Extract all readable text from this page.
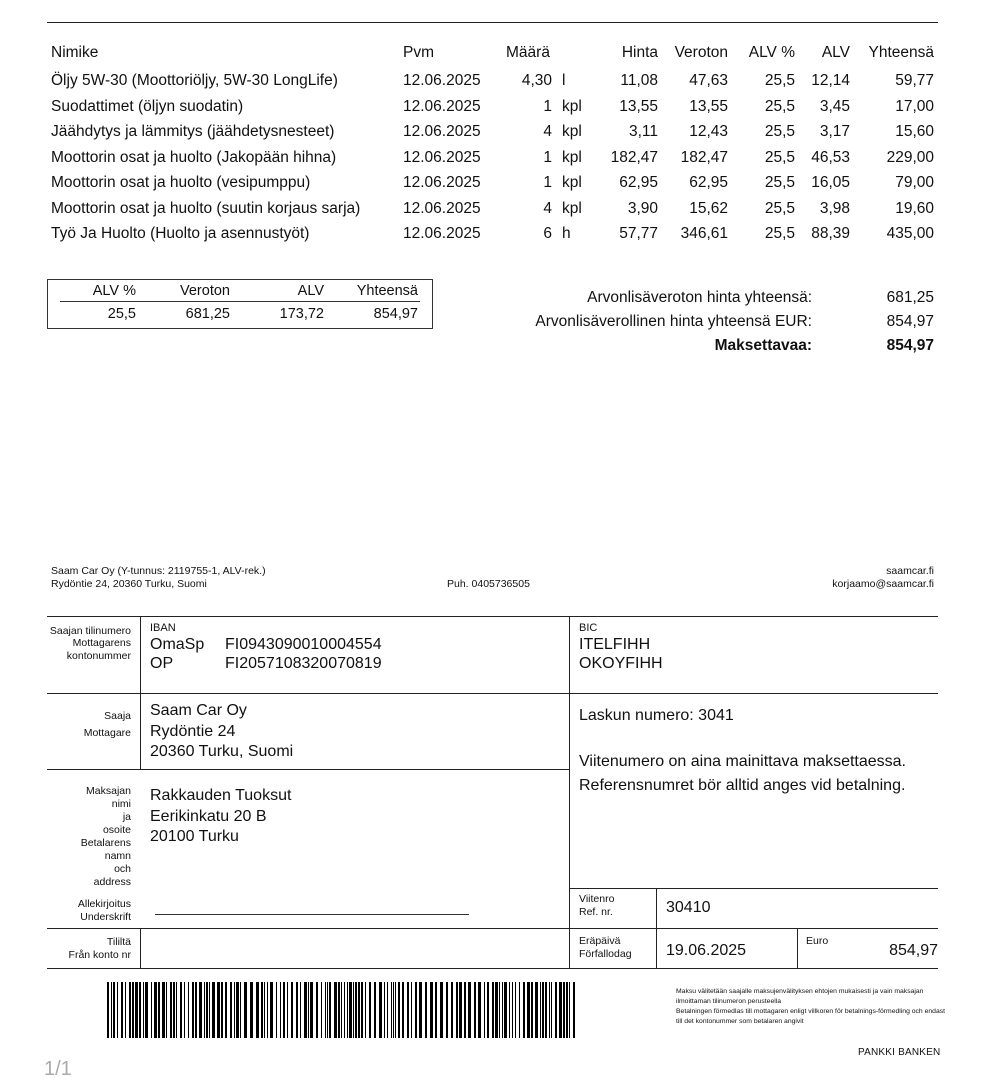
Nimike	Pvm	Määrä	Hinta	Veroton	ALV %	ALV	Yhteensä
Öljy 5W-30 (Moottoriöljy, 5W-30 LongLife)	12.06.2025	4,30 l	11,08	47,63	25,5	12,14	59,77
Suodattimet (öljyn suodatin)	12.06.2025	1 kpl	13,55	13,55	25,5	3,45	17,00
Jäähdytys ja lämmitys (jäähdetysnesteet)	12.06.2025	4 kpl	3,11	12,43	25,5	3,17	15,60
Moottorin osat ja huolto (Jakopään hihna)	12.06.2025	1 kpl	182,47	182,47	25,5	46,53	229,00
Moottorin osat ja huolto (vesipumppu)	12.06.2025	1 kpl	62,95	62,95	25,5	16,05	79,00
Moottorin osat ja huolto (suutin korjaus sarja)	12.06.2025	4 kpl	3,90	15,62	25,5	3,98	19,60
Työ Ja Huolto (Huolto ja asennustyöt)	12.06.2025	6 h	57,77	346,61	25,5	88,39	435,00
ALV %	Veroton	ALV	Yhteensä
25,5	681,25	173,72	854,97
Arvonlisäveroton hinta yhteensä:	681,25
Arvonlisäverollinen hinta yhteensä EUR:	854,97
Maksettavaa:	854,97
Saam Car Oy (Y-tunnus: 2119755-1, ALV-rek.)
Rydöntie 24, 20360 Turku, Suomi	Puh. 0405736505
saamcar.fi
korjaamo@saamcar.fi
Saajan tilinumero
Mottagarens kontonummer
IBAN
OmaSp FI0943090010004554
OP	FI2057108320070819
BIC
ITELFIHH
OKOYFIHH
Saaja
Mottagare
Saam Car Oy
Rydöntie 24
20360 Turku, Suomi
Laskun numero: 3041
Viitenumero on aina mainittava maksettaessa.
Referensnumret bör alltid anges vid betalning.
Maksajan nimi ja osoite Betalarens namn och address
Rakkauden Tuoksut
Eerikinkatu 20 B
20100 Turku
Allekirjoitus
Underskrift
Viitenro
Ref. nr.	30410
Tililtä
Från konto nr
Eräpäivä
Förfallodag 19.06.2025
Euro
854,97
Maksu välitetään saajalle maksujenvälityksen ehtojen mukaisesti ja vain maksajan ilmoittaman tilinumeron perusteella
Betalningen förmedlas till mottagaren enligt villkoren för betalnings-förmedling och endast till det kontonummer som betalaren angivit
PANKKI BANKEN
1/1
